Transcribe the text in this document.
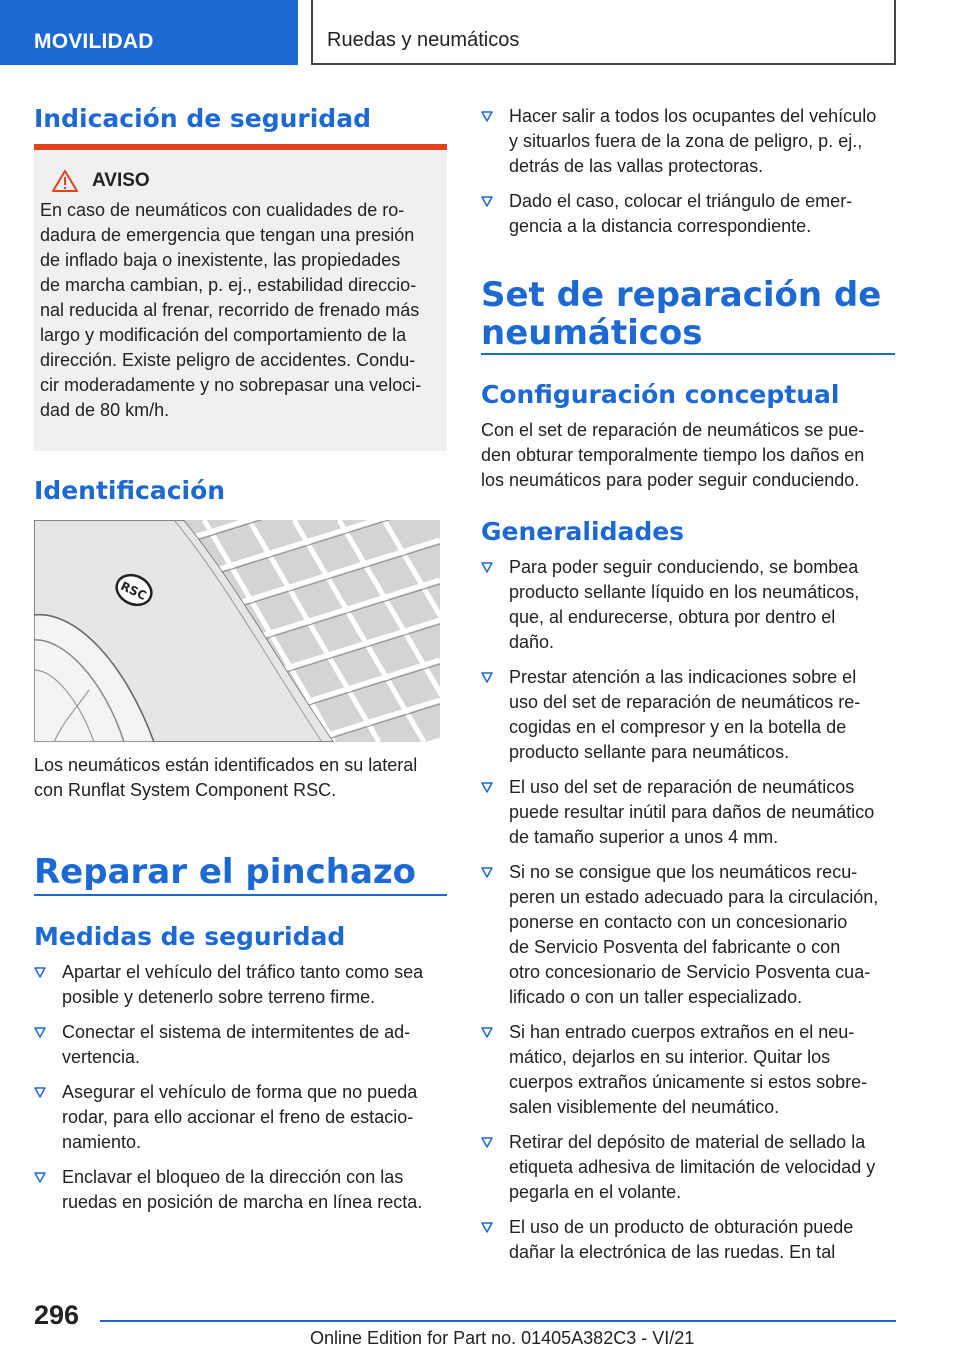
MOVILIDAD	Ruedas y neumáticos
Indicación de seguridad
AVISO
En caso de neumáticos con cualidades de ro‐
dadura de emergencia que tengan una presión
de inflado baja o inexistente, las propiedades
de marcha cambian, p. ej., estabilidad direccio‐
nal reducida al frenar, recorrido de frenado más
largo y modificación del comportamiento de la
dirección. Existe peligro de accidentes. Condu‐
cir moderadamente y no sobrepasar una veloci‐
dad de 80 km/h.
Identificación
RSC
Los neumáticos están identificados en su lateral
con Runflat System Component RSC.
Reparar el pinchazo
Medidas de seguridad
Apartar el vehículo del tráfico tanto como sea
posible y detenerlo sobre terreno firme.
Conectar el sistema de intermitentes de ad‐
vertencia.
Asegurar el vehículo de forma que no pueda
rodar, para ello accionar el freno de estacio‐
namiento.
Enclavar el bloqueo de la dirección con las
ruedas en posición de marcha en línea recta.
Hacer salir a todos los ocupantes del vehículo
y situarlos fuera de la zona de peligro, p. ej.,
detrás de las vallas protectoras.
Dado el caso, colocar el triángulo de emer‐
gencia a la distancia correspondiente.
Set de reparación de
neumáticos
Configuración conceptual
Con el set de reparación de neumáticos se pue‐
den obturar temporalmente tiempo los daños en
los neumáticos para poder seguir conduciendo.
Generalidades
Para poder seguir conduciendo, se bombea
producto sellante líquido en los neumáticos,
que, al endurecerse, obtura por dentro el
daño.
Prestar atención a las indicaciones sobre el
uso del set de reparación de neumáticos re‐
cogidas en el compresor y en la botella de
producto sellante para neumáticos.
El uso del set de reparación de neumáticos
puede resultar inútil para daños de neumático
de tamaño superior a unos 4 mm.
Si no se consigue que los neumáticos recu‐
peren un estado adecuado para la circulación,
ponerse en contacto con un concesionario
de Servicio Posventa del fabricante o con
otro concesionario de Servicio Posventa cua‐
lificado o con un taller especializado.
Si han entrado cuerpos extraños en el neu‐
mático, dejarlos en su interior. Quitar los
cuerpos extraños únicamente si estos sobre‐
salen visiblemente del neumático.
Retirar del depósito de material de sellado la
etiqueta adhesiva de limitación de velocidad y
pegarla en el volante.
El uso de un producto de obturación puede
dañar la electrónica de las ruedas. En tal
296
Online Edition for Part no. 01405A382C3 - VI/21
